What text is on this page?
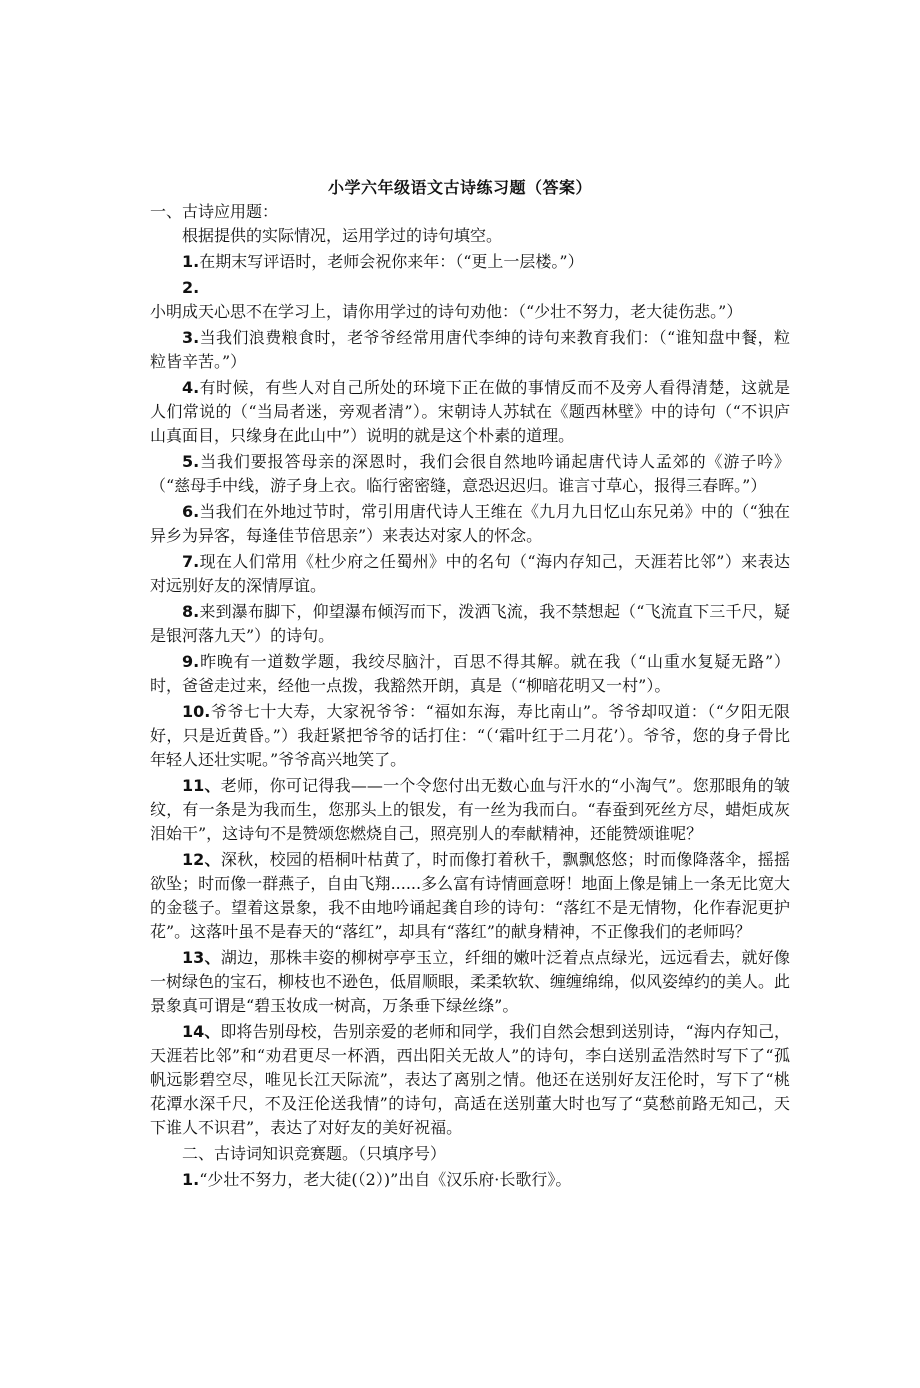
小学六年级语文古诗练习题（答案）

一、古诗应用题：

根据提供的实际情况，运用学过的诗句填空。

1.在期末写评语时，老师会祝你来年：（“更上一层楼。”）

2.小明成天心思不在学习上，请你用学过的诗句劝他：（“少壮不努力，老大徒伤悲。”）

3.当我们浪费粮食时，老爷爷经常用唐代李绅的诗句来教育我们：（“谁知盘中餐，粒粒皆辛苦。”）

4.有时候，有些人对自己所处的环境下正在做的事情反而不及旁人看得清楚，这就是人们常说的（“当局者迷，旁观者清”）。宋朝诗人苏轼在《题西林壁》中的诗句（“不识庐山真面目，只缘身在此山中”）说明的就是这个朴素的道理。

5.当我们要报答母亲的深恩时，我们会很自然地吟诵起唐代诗人孟郊的《游子吟》（“慈母手中线，游子身上衣。临行密密缝，意恐迟迟归。谁言寸草心，报得三春晖。”）

6.当我们在外地过节时，常引用唐代诗人王维在《九月九日忆山东兄弟》中的（“独在异乡为异客，每逢佳节倍思亲”）来表达对家人的怀念。

7.现在人们常用《杜少府之任蜀州》中的名句（“海内存知己，天涯若比邻”）来表达对远别好友的深情厚谊。

8.来到瀑布脚下，仰望瀑布倾泻而下，泼洒飞流，我不禁想起（“飞流直下三千尺，疑是银河落九天”）的诗句。

9.昨晚有一道数学题，我绞尽脑汁，百思不得其解。就在我（“山重水复疑无路”）时，爸爸走过来，经他一点拨，我豁然开朗，真是（“柳暗花明又一村”）。

10.爷爷七十大寿，大家祝爷爷：“福如东海，寿比南山”。爷爷却叹道：（“夕阳无限好，只是近黄昏。”）我赶紧把爷爷的话打住：“（‘霜叶红于二月花’）。爷爷，您的身子骨比年轻人还壮实呢。”爷爷高兴地笑了。

11、老师，你可记得我——一个令您付出无数心血与汗水的“小淘气”。您那眼角的皱纹，有一条是为我而生，您那头上的银发，有一丝为我而白。“春蚕到死丝方尽，蜡炬成灰泪始干”，这诗句不是赞颂您燃烧自己，照亮别人的奉献精神，还能赞颂谁呢？

12、深秋，校园的梧桐叶枯黄了，时而像打着秋千，飘飘悠悠；时而像降落伞，摇摇欲坠；时而像一群燕子，自由飞翔......多么富有诗情画意呀！地面上像是铺上一条无比宽大的金毯子。望着这景象，我不由地吟诵起龚自珍的诗句：“落红不是无情物，化作春泥更护花”。这落叶虽不是春天的“落红”，却具有“落红”的献身精神，不正像我们的老师吗？

13、湖边，那株丰姿的柳树亭亭玉立，纤细的嫩叶泛着点点绿光，远远看去，就好像一树绿色的宝石，柳枝也不逊色，低眉顺眼，柔柔软软、缠缠绵绵，似风姿绰约的美人。此景象真可谓是“碧玉妆成一树高，万条垂下绿丝绦”。

14、即将告别母校，告别亲爱的老师和同学，我们自然会想到送别诗，“海内存知己，天涯若比邻”和“劝君更尽一杯酒，西出阳关无故人”的诗句，李白送别孟浩然时写下了“孤帆远影碧空尽，唯见长江天际流”，表达了离别之情。他还在送别好友汪伦时，写下了“桃花潭水深千尺，不及汪伦送我情”的诗句，高适在送别董大时也写了“莫愁前路无知己，天下谁人不识君”，表达了对好友的美好祝福。

二、古诗词知识竞赛题。（只填序号）

1.“少壮不努力，老大徒(（2）)”出自《汉乐府·长歌行》。
